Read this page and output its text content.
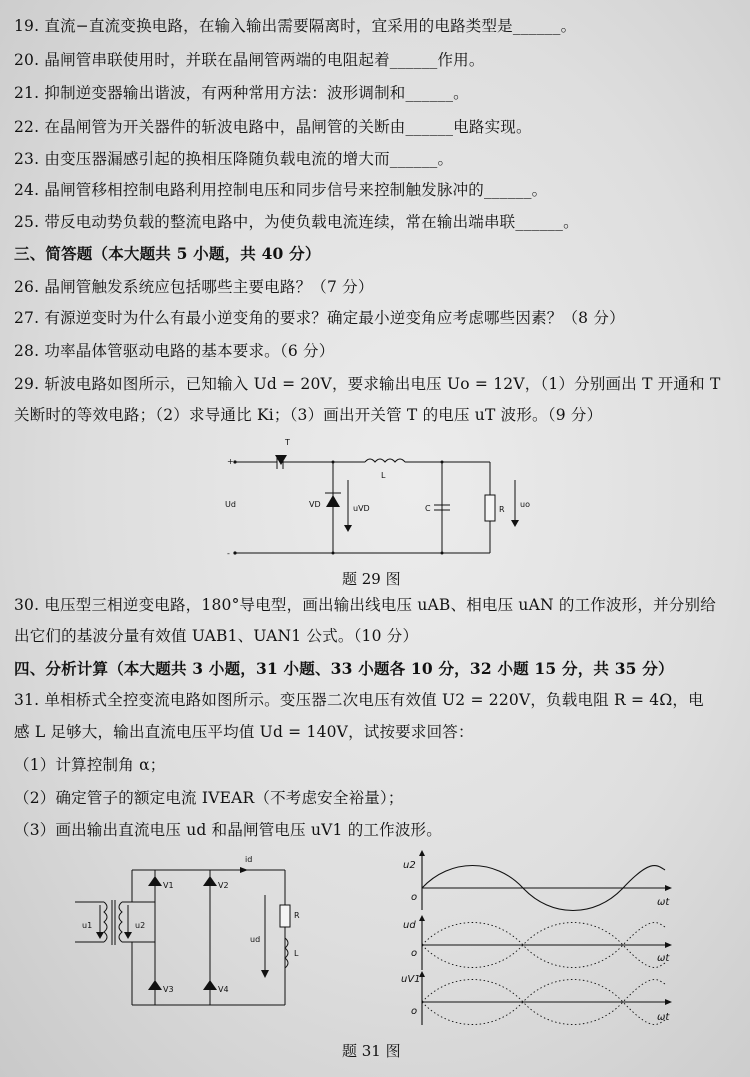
19. 直流−直流变换电路，在输入输出需要隔离时，宜采用的电路类型是______。
20. 晶闸管串联使用时，并联在晶闸管两端的电阻起着______作用。
21. 抑制逆变器输出谐波，有两种常用方法：波形调制和______。
22. 在晶闸管为开关器件的斩波电路中，晶闸管的关断由______电路实现。
23. 由变压器漏感引起的换相压降随负载电流的增大而______。
24. 晶闸管移相控制电路利用控制电压和同步信号来控制触发脉冲的______。
25. 带反电动势负载的整流电路中，为使负载电流连续，常在输出端串联______。
三、简答题（本大题共 5 小题，共 40 分）
26. 晶闸管触发系统应包括哪些主要电路？（7 分）
27. 有源逆变时为什么有最小逆变角的要求？确定最小逆变角应考虑哪些因素？（8 分）
28. 功率晶体管驱动电路的基本要求。（6 分）
29. 斩波电路如图所示，已知输入 Ud = 20V，要求输出电压 Uo = 12V，（1）分别画出 T 开通和 T
关断时的等效电路；（2）求导通比 Ki；（3）画出开关管 T 的电压 uT 波形。（9 分）
30. 电压型三相逆变电路，180°导电型，画出输出线电压 uAB、相电压 uAN 的工作波形，并分别给
出它们的基波分量有效值 UAB1、UAN1 公式。（10 分）
四、分析计算（本大题共 3 小题，31 小题、33 小题各 10 分，32 小题 15 分，共 35 分）
31. 单相桥式全控变流电路如图所示。变压器二次电压有效值 U2 = 220V，负载电阻 R = 4Ω，电
感 L 足够大，输出直流电压平均值 Ud = 140V，试按要求回答：
（1）计算控制角 α；
（2）确定管子的额定电流 IVEAR（不考虑安全裕量）；
（3）画出输出直流电压 ud 和晶闸管电压 uV1 的工作波形。
+
-
T
L
VD	C	R
Ud	uVD	uo
题 29 图
id
V1	V2
V3	V4
u1	u2
ud
R
L
u2
ud
uV1
o
o
o
ωt
ωt
ωt
题 31 图
